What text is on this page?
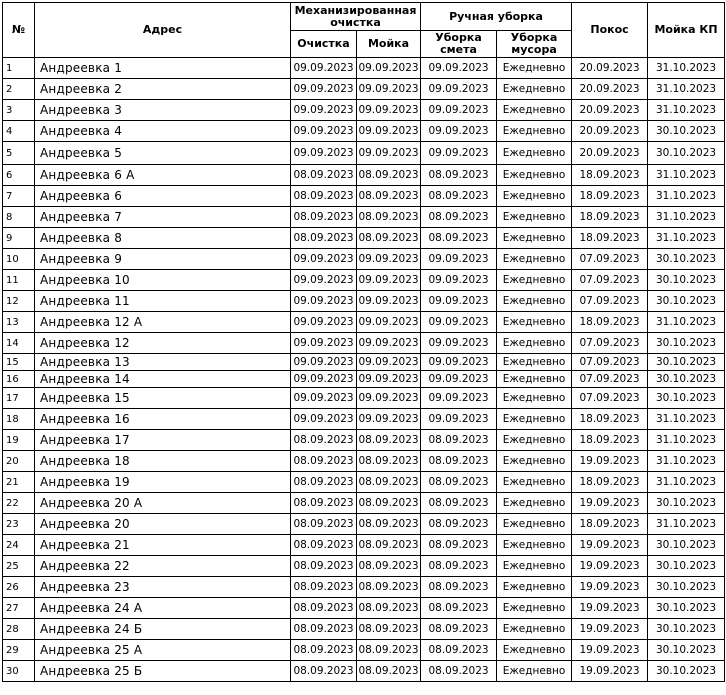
№	Адрес	Механизированная очистка		Ручная уборка		Покос	Мойка КП
		Очистка	Мойка	Уборка смета	Уборка мусора		
1	Андреевка 1	09.09.2023	09.09.2023	09.09.2023	Ежедневно	20.09.2023	31.10.2023
2	Андреевка 2	09.09.2023	09.09.2023	09.09.2023	Ежедневно	20.09.2023	31.10.2023
3	Андреевка 3	09.09.2023	09.09.2023	09.09.2023	Ежедневно	20.09.2023	31.10.2023
4	Андреевка 4	09.09.2023	09.09.2023	09.09.2023	Ежедневно	20.09.2023	30.10.2023
5	Андреевка 5	09.09.2023	09.09.2023	09.09.2023	Ежедневно	20.09.2023	30.10.2023
6	Андреевка 6 А	08.09.2023	08.09.2023	08.09.2023	Ежедневно	18.09.2023	31.10.2023
7	Андреевка 6	08.09.2023	08.09.2023	08.09.2023	Ежедневно	18.09.2023	31.10.2023
8	Андреевка 7	08.09.2023	08.09.2023	08.09.2023	Ежедневно	18.09.2023	31.10.2023
9	Андреевка 8	08.09.2023	08.09.2023	08.09.2023	Ежедневно	18.09.2023	31.10.2023
10	Андреевка 9	09.09.2023	09.09.2023	09.09.2023	Ежедневно	07.09.2023	30.10.2023
11	Андреевка 10	09.09.2023	09.09.2023	09.09.2023	Ежедневно	07.09.2023	30.10.2023
12	Андреевка 11	09.09.2023	09.09.2023	09.09.2023	Ежедневно	07.09.2023	30.10.2023
13	Андреевка 12 А	09.09.2023	09.09.2023	09.09.2023	Ежедневно	18.09.2023	31.10.2023
14	Андреевка 12	09.09.2023	09.09.2023	09.09.2023	Ежедневно	07.09.2023	30.10.2023
15	Андреевка 13	09.09.2023	09.09.2023	09.09.2023	Ежедневно	07.09.2023	30.10.2023
16	Андреевка 14	09.09.2023	09.09.2023	09.09.2023	Ежедневно	07.09.2023	30.10.2023
17	Андреевка 15	09.09.2023	09.09.2023	09.09.2023	Ежедневно	07.09.2023	30.10.2023
18	Андреевка 16	09.09.2023	09.09.2023	09.09.2023	Ежедневно	18.09.2023	31.10.2023
19	Андреевка 17	08.09.2023	08.09.2023	08.09.2023	Ежедневно	18.09.2023	31.10.2023
20	Андреевка 18	08.09.2023	08.09.2023	08.09.2023	Ежедневно	19.09.2023	31.10.2023
21	Андреевка 19	08.09.2023	08.09.2023	08.09.2023	Ежедневно	18.09.2023	31.10.2023
22	Андреевка 20 А	08.09.2023	08.09.2023	08.09.2023	Ежедневно	19.09.2023	30.10.2023
23	Андреевка 20	08.09.2023	08.09.2023	08.09.2023	Ежедневно	18.09.2023	31.10.2023
24	Андреевка 21	08.09.2023	08.09.2023	08.09.2023	Ежедневно	19.09.2023	30.10.2023
25	Андреевка 22	08.09.2023	08.09.2023	08.09.2023	Ежедневно	19.09.2023	30.10.2023
26	Андреевка 23	08.09.2023	08.09.2023	08.09.2023	Ежедневно	19.09.2023	30.10.2023
27	Андреевка 24 А	08.09.2023	08.09.2023	08.09.2023	Ежедневно	19.09.2023	30.10.2023
28	Андреевка 24 Б	08.09.2023	08.09.2023	08.09.2023	Ежедневно	19.09.2023	30.10.2023
29	Андреевка 25 А	08.09.2023	08.09.2023	08.09.2023	Ежедневно	19.09.2023	30.10.2023
30	Андреевка 25 Б	08.09.2023	08.09.2023	08.09.2023	Ежедневно	19.09.2023	30.10.2023
